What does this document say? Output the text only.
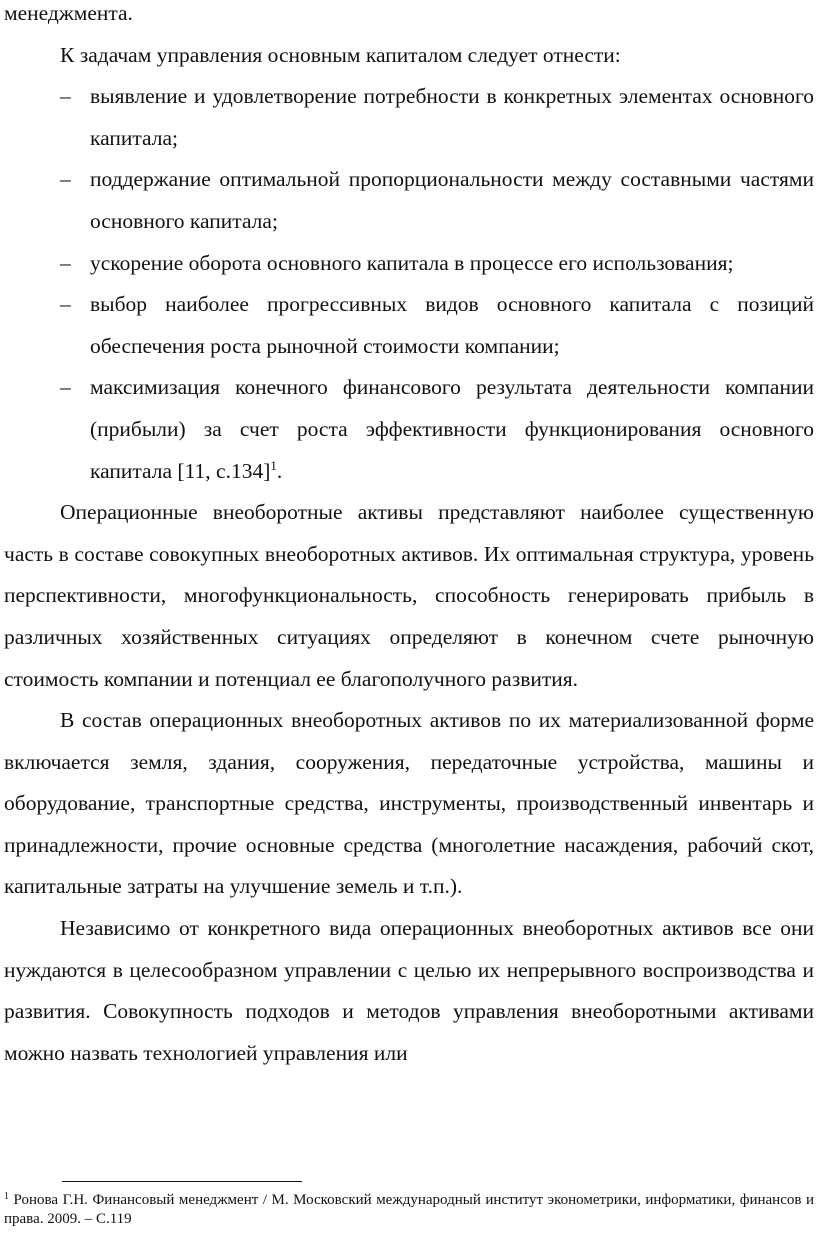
менеджмента.

К задачам управления основным капиталом следует отнести:

– выявление и удовлетворение потребности в конкретных элементах основного капитала;
– поддержание оптимальной пропорциональности между составными частями основного капитала;
– ускорение оборота основного капитала в процессе его использования;
– выбор наиболее прогрессивных видов основного капитала с позиций обеспечения роста рыночной стоимости компании;
– максимизация конечного финансового результата деятельности компании (прибыли) за счет роста эффективности функционирования основного капитала [11, с.134]$^1$.

Операционные внеоборотные активы представляют наиболее существенную часть в составе совокупных внеоборотных активов. Их оптимальная структура, уровень перспективности, многофункциональность, способность генерировать прибыль в различных хозяйственных ситуациях определяют в конечном счете рыночную стоимость компании и потенциал ее благополучного развития.

В состав операционных внеоборотных активов по их материализованной форме включается земля, здания, сооружения, передаточные устройства, машины и оборудование, транспортные средства, инструменты, производственный инвентарь и принадлежности, прочие основные средства (многолетние насаждения, рабочий скот, капитальные затраты на улучшение земель и т.п.).

Независимо от конкретного вида операционных внеоборотных активов все они нуждаются в целесообразном управлении с целью их непрерывного воспроизводства и развития. Совокупность подходов и методов управления внеоборотными активами можно назвать технологией управления или

$^1$ Ронова Г.Н. Финансовый менеджмент / М. Московский международный институт эконометрики, информатики, финансов и права. 2009. – С.119
